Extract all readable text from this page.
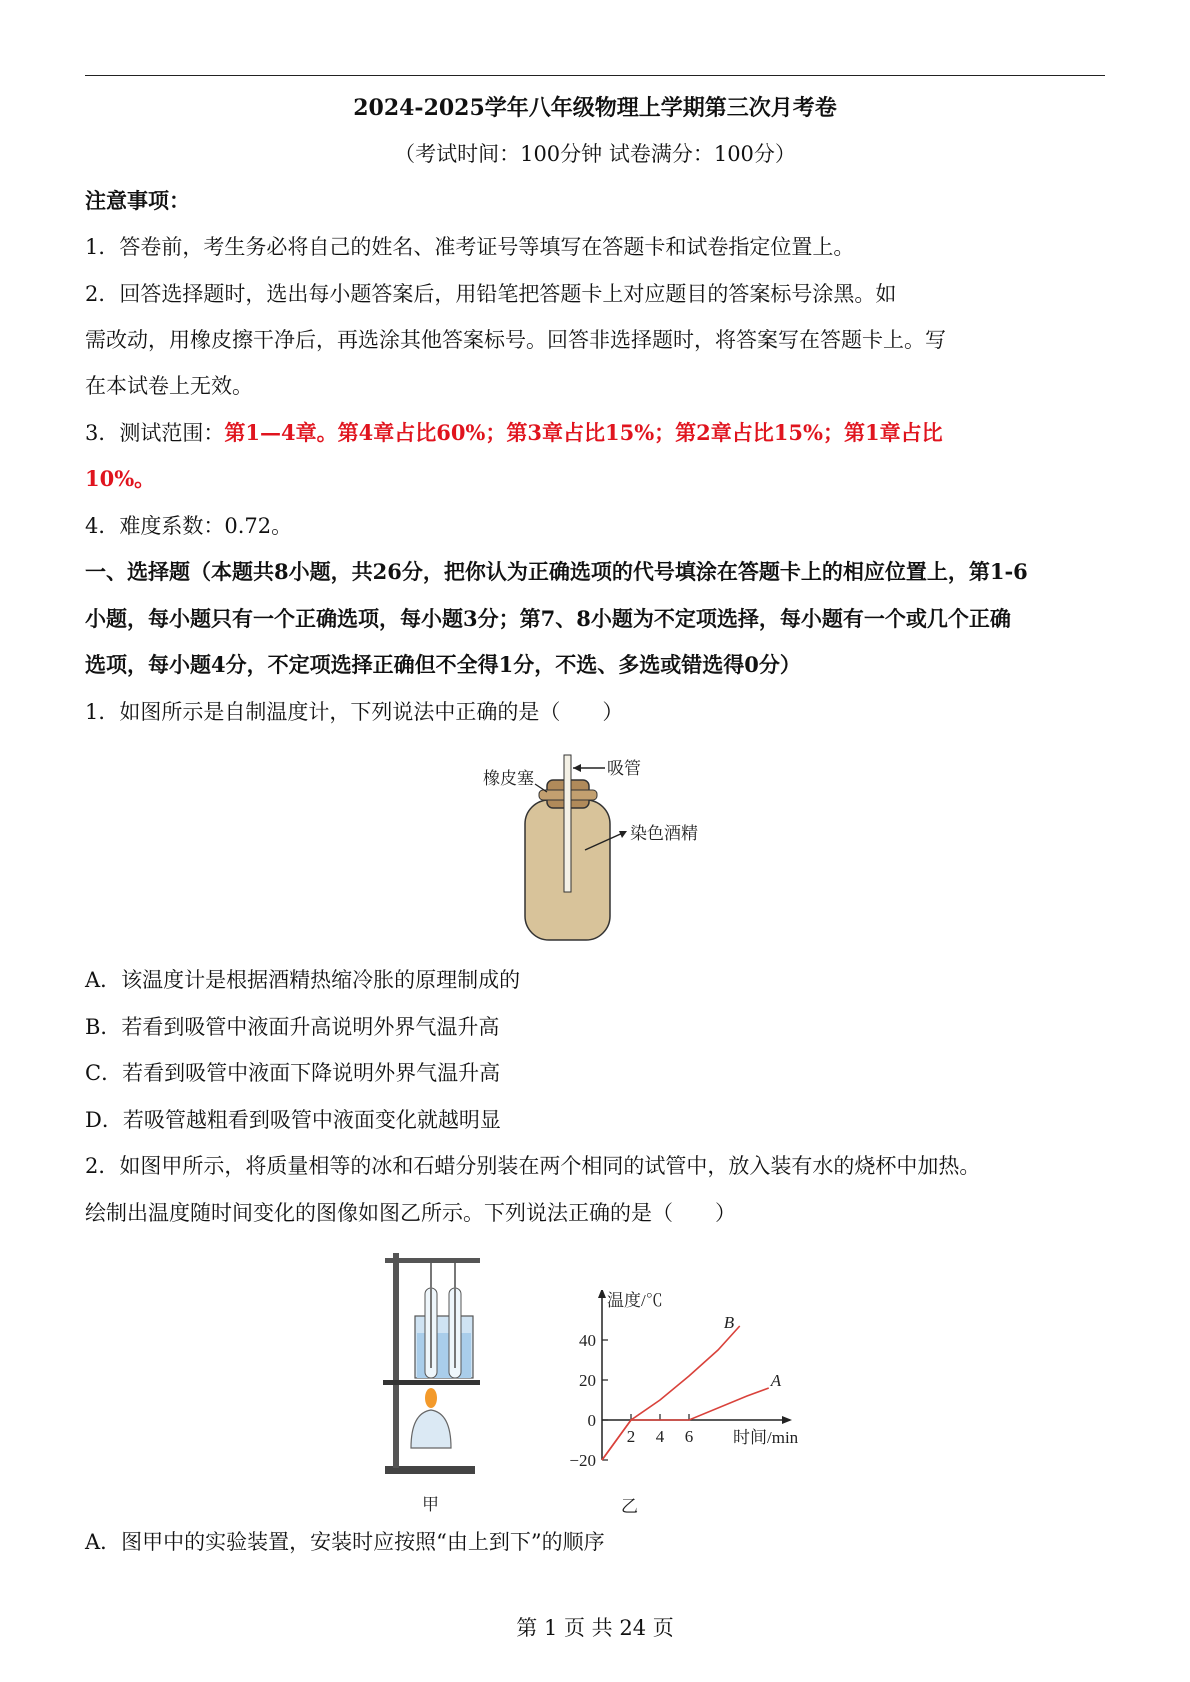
2024-2025学年八年级物理上学期第三次月考卷
（考试时间：100分钟 试卷满分：100分）
注意事项：
1．答卷前，考生务必将自己的姓名、准考证号等填写在答题卡和试卷指定位置上。
2．回答选择题时，选出每小题答案后，用铅笔把答题卡上对应题目的答案标号涂黑。如
需改动，用橡皮擦干净后，再选涂其他答案标号。回答非选择题时，将答案写在答题卡上。写
在本试卷上无效。
3．测试范围：第1—4章。第4章占比60%；第3章占比15%；第2章占比15%；第1章占比
10%。
4．难度系数：0.72。
一、选择题（本题共8小题，共26分，把你认为正确选项的代号填涂在答题卡上的相应位置上，第1-6
小题，每小题只有一个正确选项，每小题3分；第7、8小题为不定项选择，每小题有一个或几个正确
选项，每小题4分，不定项选择正确但不全得1分，不选、多选或错选得0分）
1．如图所示是自制温度计，下列说法中正确的是（　　）
吸管
橡皮塞
染色酒精
A．该温度计是根据酒精热缩冷胀的原理制成的
B．若看到吸管中液面升高说明外界气温升高
C．若看到吸管中液面下降说明外界气温升高
D．若吸管越粗看到吸管中液面变化就越明显
2．如图甲所示，将质量相等的冰和石蜡分别装在两个相同的试管中，放入装有水的烧杯中加热。
绘制出温度随时间变化的图像如图乙所示。下列说法正确的是（　　）
甲
温度/℃
时间/min
40
20
0
−20
2 4 6
B
A
乙
A．图甲中的实验装置，安装时应按照“由上到下”的顺序
第 1 页 共 24 页
